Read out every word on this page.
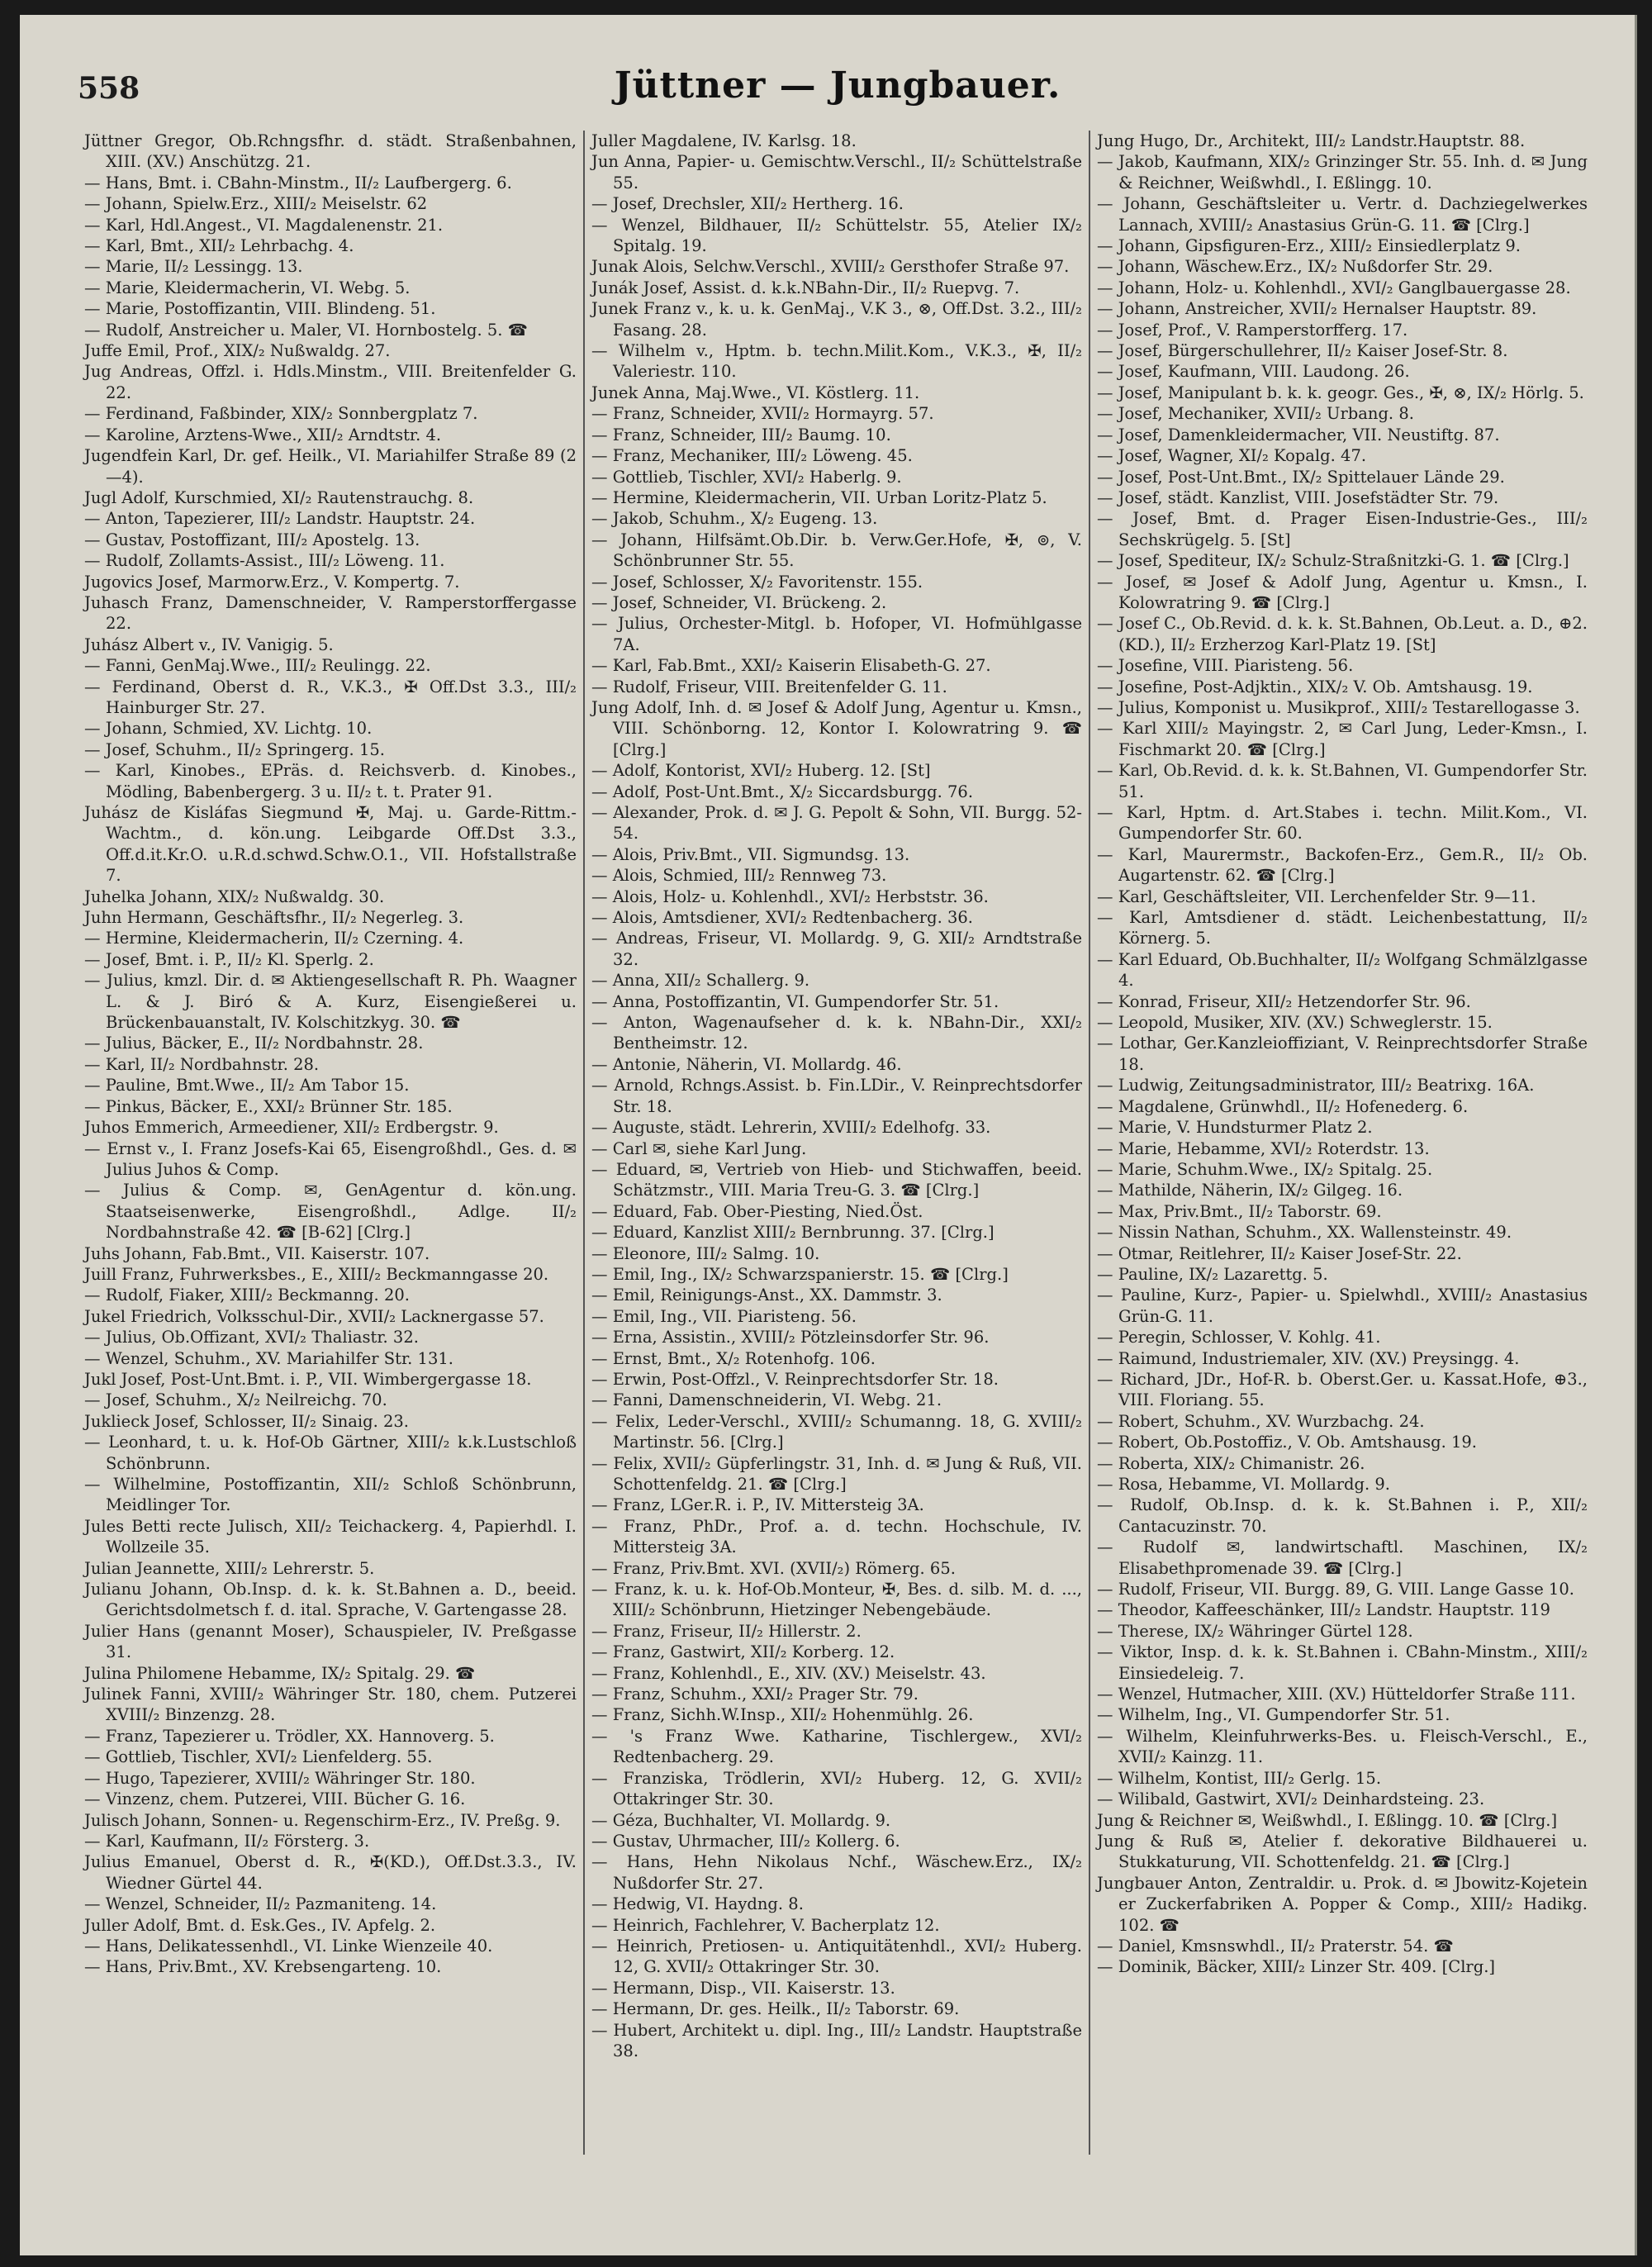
558	Jüttner — Jungbauer.
Jüttner Gregor, Ob.Rchngsfhr. d. städt. Straßenbahnen, XIII. (XV.) Anschützg. 21.
— Hans, Bmt. i. CBahn-Minstm., II/₂ Laufbergerg. 6.
— Johann, Spielw.Erz., XIII/₂ Meiselstr. 62
— Karl, Hdl.Angest., VI. Magdalenenstr. 21.
— Karl, Bmt., XII/₂ Lehrbachg. 4.
— Marie, II/₂ Lessingg. 13.
— Marie, Kleidermacherin, VI. Webg. 5.
— Marie, Postoffizantin, VIII. Blindeng. 51.
— Rudolf, Anstreicher u. Maler, VI. Hornbostelg. 5. ☎
Juffe Emil, Prof., XIX/₂ Nußwaldg. 27.
Jug Andreas, Offzl. i. Hdls.Minstm., VIII. Breitenfelder G. 22.
— Ferdinand, Faßbinder, XIX/₂ Sonnbergplatz 7.
— Karoline, Arztens-Wwe., XII/₂ Arndtstr. 4.
Jugendfein Karl, Dr. gef. Heilk., VI. Mariahilfer Straße 89 (2—4).
Jugl Adolf, Kurschmied, XI/₂ Rautenstrauchg. 8.
— Anton, Tapezierer, III/₂ Landstr. Hauptstr. 24.
— Gustav, Postoffizant, III/₂ Apostelg. 13.
— Rudolf, Zollamts-Assist., III/₂ Löweng. 11.
Jugovics Josef, Marmorw.Erz., V. Kompertg. 7.
Juhasch Franz, Damenschneider, V. Ramperstorffergasse 22.
Juhász Albert v., IV. Vanigig. 5.
— Fanni, GenMaj.Wwe., III/₂ Reulingg. 22.
— Ferdinand, Oberst d. R., V.K.3., ✠ Off.Dst 3.3., III/₂ Hainburger Str. 27.
— Johann, Schmied, XV. Lichtg. 10.
— Josef, Schuhm., II/₂ Springerg. 15.
— Karl, Kinobes., EPräs. d. Reichsverb. d. Kinobes., Mödling, Babenbergerg. 3 u. II/₂ t. t. Prater 91.
Juhász de Kisláfas Siegmund ✠, Maj. u. Garde-Rittm.-Wachtm., d. kön.ung. Leibgarde Off.Dst 3.3., Off.d.it.Kr.O. u.R.d.schwd.Schw.O.1., VII. Hofstallstraße 7.
Juhelka Johann, XIX/₂ Nußwaldg. 30.
Juhn Hermann, Geschäftsfhr., II/₂ Negerleg. 3.
— Hermine, Kleidermacherin, II/₂ Czerning. 4.
— Josef, Bmt. i. P., II/₂ Kl. Sperlg. 2.
— Julius, kmzl. Dir. d. ✉ Aktiengesellschaft R. Ph. Waagner L. & J. Biró & A. Kurz, Eisengießerei u. Brückenbauanstalt, IV. Kolschitzkyg. 30. ☎
— Julius, Bäcker, E., II/₂ Nordbahnstr. 28.
— Karl, II/₂ Nordbahnstr. 28.
— Pauline, Bmt.Wwe., II/₂ Am Tabor 15.
— Pinkus, Bäcker, E., XXI/₂ Brünner Str. 185.
Juhos Emmerich, Armeediener, XII/₂ Erdbergstr. 9.
— Ernst v., I. Franz Josefs-Kai 65, Eisengroßhdl., Ges. d. ✉ Julius Juhos & Comp.
— Julius & Comp. ✉, GenAgentur d. kön.ung. Staatseisenwerke, Eisengroßhdl., Adlge. II/₂ Nordbahnstraße 42. ☎ [B-62] [Clrg.]
Juhs Johann, Fab.Bmt., VII. Kaiserstr. 107.
Juill Franz, Fuhrwerksbes., E., XIII/₂ Beckmanngasse 20.
— Rudolf, Fiaker, XIII/₂ Beckmanng. 20.
Jukel Friedrich, Volksschul-Dir., XVII/₂ Lacknergasse 57.
— Julius, Ob.Offizant, XVI/₂ Thaliastr. 32.
— Wenzel, Schuhm., XV. Mariahilfer Str. 131.
Jukl Josef, Post-Unt.Bmt. i. P., VII. Wimbergergasse 18.
— Josef, Schuhm., X/₂ Neilreichg. 70.
Juklieck Josef, Schlosser, II/₂ Sinaig. 23.
— Leonhard, t. u. k. Hof-Ob Gärtner, XIII/₂ k.k.Lustschloß Schönbrunn.
— Wilhelmine, Postoffizantin, XII/₂ Schloß Schönbrunn, Meidlinger Tor.
Jules Betti recte Julisch, XII/₂ Teichackerg. 4, Papierhdl. I. Wollzeile 35.
Julian Jeannette, XIII/₂ Lehrerstr. 5.
Julianu Johann, Ob.Insp. d. k. k. St.Bahnen a. D., beeid. Gerichtsdolmetsch f. d. ital. Sprache, V. Gartengasse 28.
Julier Hans (genannt Moser), Schauspieler, IV. Preßgasse 31.
Julina Philomene Hebamme, IX/₂ Spitalg. 29. ☎
Julinek Fanni, XVIII/₂ Währinger Str. 180, chem. Putzerei XVIII/₂ Binzenzg. 28.
— Franz, Tapezierer u. Trödler, XX. Hannoverg. 5.
— Gottlieb, Tischler, XVI/₂ Lienfelderg. 55.
— Hugo, Tapezierer, XVIII/₂ Währinger Str. 180.
— Vinzenz, chem. Putzerei, VIII. Bücher G. 16.
Julisch Johann, Sonnen- u. Regenschirm-Erz., IV. Preßg. 9.
— Karl, Kaufmann, II/₂ Försterg. 3.
Julius Emanuel, Oberst d. R., ✠(KD.), Off.Dst.3.3., IV. Wiedner Gürtel 44.
— Wenzel, Schneider, II/₂ Pazmaniteng. 14.
Juller Adolf, Bmt. d. Esk.Ges., IV. Apfelg. 2.
— Hans, Delikatessenhdl., VI. Linke Wienzeile 40.
— Hans, Priv.Bmt., XV. Krebsengarteng. 10.
Juller Magdalene, IV. Karlsg. 18.
Jun Anna, Papier- u. Gemischtw.Verschl., II/₂ Schüttelstraße 55.
— Josef, Drechsler, XII/₂ Hertherg. 16.
— Wenzel, Bildhauer, II/₂ Schüttelstr. 55, Atelier IX/₂ Spitalg. 19.
Junak Alois, Selchw.Verschl., XVIII/₂ Gersthofer Straße 97.
Junák Josef, Assist. d. k.k.NBahn-Dir., II/₂ Ruepvg. 7.
Junek Franz v., k. u. k. GenMaj., V.K 3., ⊗, Off.Dst. 3.2., III/₂ Fasang. 28.
— Wilhelm v., Hptm. b. techn.Milit.Kom., V.K.3., ✠, II/₂ Valeriestr. 110.
Junek Anna, Maj.Wwe., VI. Köstlerg. 11.
— Franz, Schneider, XVII/₂ Hormayrg. 57.
— Franz, Schneider, III/₂ Baumg. 10.
— Franz, Mechaniker, III/₂ Löweng. 45.
— Gottlieb, Tischler, XVI/₂ Haberlg. 9.
— Hermine, Kleidermacherin, VII. Urban Loritz-Platz 5.
— Jakob, Schuhm., X/₂ Eugeng. 13.
— Johann, Hilfsämt.Ob.Dir. b. Verw.Ger.Hofe, ✠, ⊚, V. Schönbrunner Str. 55.
— Josef, Schlosser, X/₂ Favoritenstr. 155.
— Josef, Schneider, VI. Brückeng. 2.
— Julius, Orchester-Mitgl. b. Hofoper, VI. Hofmühlgasse 7A.
— Karl, Fab.Bmt., XXI/₂ Kaiserin Elisabeth-G. 27.
— Rudolf, Friseur, VIII. Breitenfelder G. 11.
Jung Adolf, Inh. d. ✉ Josef & Adolf Jung, Agentur u. Kmsn., VIII. Schönborng. 12, Kontor I. Kolowratring 9. ☎ [Clrg.]
— Adolf, Kontorist, XVI/₂ Huberg. 12. [St]
— Adolf, Post-Unt.Bmt., X/₂ Siccardsburgg. 76.
— Alexander, Prok. d. ✉ J. G. Pepolt & Sohn, VII. Burgg. 52-54.
— Alois, Priv.Bmt., VII. Sigmundsg. 13.
— Alois, Schmied, III/₂ Rennweg 73.
— Alois, Holz- u. Kohlenhdl., XVI/₂ Herbststr. 36.
— Alois, Amtsdiener, XVI/₂ Redtenbacherg. 36.
— Andreas, Friseur, VI. Mollardg. 9, G. XII/₂ Arndtstraße 32.
— Anna, XII/₂ Schallerg. 9.
— Anna, Postoffizantin, VI. Gumpendorfer Str. 51.
— Anton, Wagenaufseher d. k. k. NBahn-Dir., XXI/₂ Bentheimstr. 12.
— Antonie, Näherin, VI. Mollardg. 46.
— Arnold, Rchngs.Assist. b. Fin.LDir., V. Reinprechtsdorfer Str. 18.
— Auguste, städt. Lehrerin, XVIII/₂ Edelhofg. 33.
— Carl ✉, siehe Karl Jung.
— Eduard, ✉, Vertrieb von Hieb- und Stichwaffen, beeid. Schätzmstr., VIII. Maria Treu-G. 3. ☎ [Clrg.]
— Eduard, Fab. Ober-Piesting, Nied.Öst.
— Eduard, Kanzlist XIII/₂ Bernbrunng. 37. [Clrg.]
— Eleonore, III/₂ Salmg. 10.
— Emil, Ing., IX/₂ Schwarzspanierstr. 15. ☎ [Clrg.]
— Emil, Reinigungs-Anst., XX. Dammstr. 3.
— Emil, Ing., VII. Piaristeng. 56.
— Erna, Assistin., XVIII/₂ Pötzleinsdorfer Str. 96.
— Ernst, Bmt., X/₂ Rotenhofg. 106.
— Erwin, Post-Offzl., V. Reinprechtsdorfer Str. 18.
— Fanni, Damenschneiderin, VI. Webg. 21.
— Felix, Leder-Verschl., XVIII/₂ Schumanng. 18, G. XVIII/₂ Martinstr. 56. [Clrg.]
— Felix, XVII/₂ Güpferlingstr. 31, Inh. d. ✉ Jung & Ruß, VII. Schottenfeldg. 21. ☎ [Clrg.]
— Franz, LGer.R. i. P., IV. Mittersteig 3A.
— Franz, PhDr., Prof. a. d. techn. Hochschule, IV. Mittersteig 3A.
— Franz, Priv.Bmt. XVI. (XVII/₂) Römerg. 65.
— Franz, k. u. k. Hof-Ob.Monteur, ✠, Bes. d. silb. M. d. ..., XIII/₂ Schönbrunn, Hietzinger Nebengebäude.
— Franz, Friseur, II/₂ Hillerstr. 2.
— Franz, Gastwirt, XII/₂ Korberg. 12.
— Franz, Kohlenhdl., E., XIV. (XV.) Meiselstr. 43.
— Franz, Schuhm., XXI/₂ Prager Str. 79.
— Franz, Sichh.W.Insp., XII/₂ Hohenmühlg. 26.
— 's Franz Wwe. Katharine, Tischlergew., XVI/₂ Redtenbacherg. 29.
— Franziska, Trödlerin, XVI/₂ Huberg. 12, G. XVII/₂ Ottakringer Str. 30.
— Géza, Buchhalter, VI. Mollardg. 9.
— Gustav, Uhrmacher, III/₂ Kollerg. 6.
— Hans, Hehn Nikolaus Nchf., Wäschew.Erz., IX/₂ Nußdorfer Str. 27.
— Hedwig, VI. Haydng. 8.
— Heinrich, Fachlehrer, V. Bacherplatz 12.
— Heinrich, Pretiosen- u. Antiquitätenhdl., XVI/₂ Huberg. 12, G. XVII/₂ Ottakringer Str. 30.
— Hermann, Disp., VII. Kaiserstr. 13.
— Hermann, Dr. ges. Heilk., II/₂ Taborstr. 69.
— Hubert, Architekt u. dipl. Ing., III/₂ Landstr. Hauptstraße 38.
Jung Hugo, Dr., Architekt, III/₂ Landstr.Hauptstr. 88.
— Jakob, Kaufmann, XIX/₂ Grinzinger Str. 55. Inh. d. ✉ Jung & Reichner, Weißwhdl., I. Eßlingg. 10.
— Johann, Geschäftsleiter u. Vertr. d. Dachziegelwerkes Lannach, XVIII/₂ Anastasius Grün-G. 11. ☎ [Clrg.]
— Johann, Gipsfiguren-Erz., XIII/₂ Einsiedlerplatz 9.
— Johann, Wäschew.Erz., IX/₂ Nußdorfer Str. 29.
— Johann, Holz- u. Kohlenhdl., XVI/₂ Ganglbauergasse 28.
— Johann, Anstreicher, XVII/₂ Hernalser Hauptstr. 89.
— Josef, Prof., V. Ramperstorfferg. 17.
— Josef, Bürgerschullehrer, II/₂ Kaiser Josef-Str. 8.
— Josef, Kaufmann, VIII. Laudong. 26.
— Josef, Manipulant b. k. k. geogr. Ges., ✠, ⊗, IX/₂ Hörlg. 5.
— Josef, Mechaniker, XVII/₂ Urbang. 8.
— Josef, Damenkleidermacher, VII. Neustiftg. 87.
— Josef, Wagner, XI/₂ Kopalg. 47.
— Josef, Post-Unt.Bmt., IX/₂ Spittelauer Lände 29.
— Josef, städt. Kanzlist, VIII. Josefstädter Str. 79.
— Josef, Bmt. d. Prager Eisen-Industrie-Ges., III/₂ Sechskrügelg. 5. [St]
— Josef, Spediteur, IX/₂ Schulz-Straßnitzki-G. 1. ☎ [Clrg.]
— Josef, ✉ Josef & Adolf Jung, Agentur u. Kmsn., I. Kolowratring 9. ☎ [Clrg.]
— Josef C., Ob.Revid. d. k. k. St.Bahnen, Ob.Leut. a. D., ⊕2. (KD.), II/₂ Erzherzog Karl-Platz 19. [St]
— Josefine, VIII. Piaristeng. 56.
— Josefine, Post-Adjktin., XIX/₂ V. Ob. Amtshausg. 19.
— Julius, Komponist u. Musikprof., XIII/₂ Testarellogasse 3.
— Karl XIII/₂ Mayingstr. 2, ✉ Carl Jung, Leder-Kmsn., I. Fischmarkt 20. ☎ [Clrg.]
— Karl, Ob.Revid. d. k. k. St.Bahnen, VI. Gumpendorfer Str. 51.
— Karl, Hptm. d. Art.Stabes i. techn. Milit.Kom., VI. Gumpendorfer Str. 60.
— Karl, Maurermstr., Backofen-Erz., Gem.R., II/₂ Ob. Augartenstr. 62. ☎ [Clrg.]
— Karl, Geschäftsleiter, VII. Lerchenfelder Str. 9—11.
— Karl, Amtsdiener d. städt. Leichenbestattung, II/₂ Körnerg. 5.
— Karl Eduard, Ob.Buchhalter, II/₂ Wolfgang Schmälzlgasse 4.
— Konrad, Friseur, XII/₂ Hetzendorfer Str. 96.
— Leopold, Musiker, XIV. (XV.) Schweglerstr. 15.
— Lothar, Ger.Kanzleioffiziant, V. Reinprechtsdorfer Straße 18.
— Ludwig, Zeitungsadministrator, III/₂ Beatrixg. 16A.
— Magdalene, Grünwhdl., II/₂ Hofenederg. 6.
— Marie, V. Hundsturmer Platz 2.
— Marie, Hebamme, XVI/₂ Roterdstr. 13.
— Marie, Schuhm.Wwe., IX/₂ Spitalg. 25.
— Mathilde, Näherin, IX/₂ Gilgeg. 16.
— Max, Priv.Bmt., II/₂ Taborstr. 69.
— Nissin Nathan, Schuhm., XX. Wallensteinstr. 49.
— Otmar, Reitlehrer, II/₂ Kaiser Josef-Str. 22.
— Pauline, IX/₂ Lazarettg. 5.
— Pauline, Kurz-, Papier- u. Spielwhdl., XVIII/₂ Anastasius Grün-G. 11.
— Peregin, Schlosser, V. Kohlg. 41.
— Raimund, Industriemaler, XIV. (XV.) Preysingg. 4.
— Richard, JDr., Hof-R. b. Oberst.Ger. u. Kassat.Hofe, ⊕3., VIII. Floriang. 55.
— Robert, Schuhm., XV. Wurzbachg. 24.
— Robert, Ob.Postoffiz., V. Ob. Amtshausg. 19.
— Roberta, XIX/₂ Chimanistr. 26.
— Rosa, Hebamme, VI. Mollardg. 9.
— Rudolf, Ob.Insp. d. k. k. St.Bahnen i. P., XII/₂ Cantacuzinstr. 70.
— Rudolf ✉, landwirtschaftl. Maschinen, IX/₂ Elisabethpromenade 39. ☎ [Clrg.]
— Rudolf, Friseur, VII. Burgg. 89, G. VIII. Lange Gasse 10.
— Theodor, Kaffeeschänker, III/₂ Landstr. Hauptstr. 119
— Therese, IX/₂ Währinger Gürtel 128.
— Viktor, Insp. d. k. k. St.Bahnen i. CBahn-Minstm., XIII/₂ Einsiedeleig. 7.
— Wenzel, Hutmacher, XIII. (XV.) Hütteldorfer Straße 111.
— Wilhelm, Ing., VI. Gumpendorfer Str. 51.
— Wilhelm, Kleinfuhrwerks-Bes. u. Fleisch-Verschl., E., XVII/₂ Kainzg. 11.
— Wilhelm, Kontist, III/₂ Gerlg. 15.
— Wilibald, Gastwirt, XVI/₂ Deinhardsteing. 23.
Jung & Reichner ✉, Weißwhdl., I. Eßlingg. 10. ☎ [Clrg.]
Jung & Ruß ✉, Atelier f. dekorative Bildhauerei u. Stukkaturung, VII. Schottenfeldg. 21. ☎ [Clrg.]
Jungbauer Anton, Zentraldir. u. Prok. d. ✉ Jbowitz-Kojetein er Zuckerfabriken A. Popper & Comp., XIII/₂ Hadikg. 102. ☎
— Daniel, Kmsnswhdl., II/₂ Praterstr. 54. ☎
— Dominik, Bäcker, XIII/₂ Linzer Str. 409. [Clrg.]
